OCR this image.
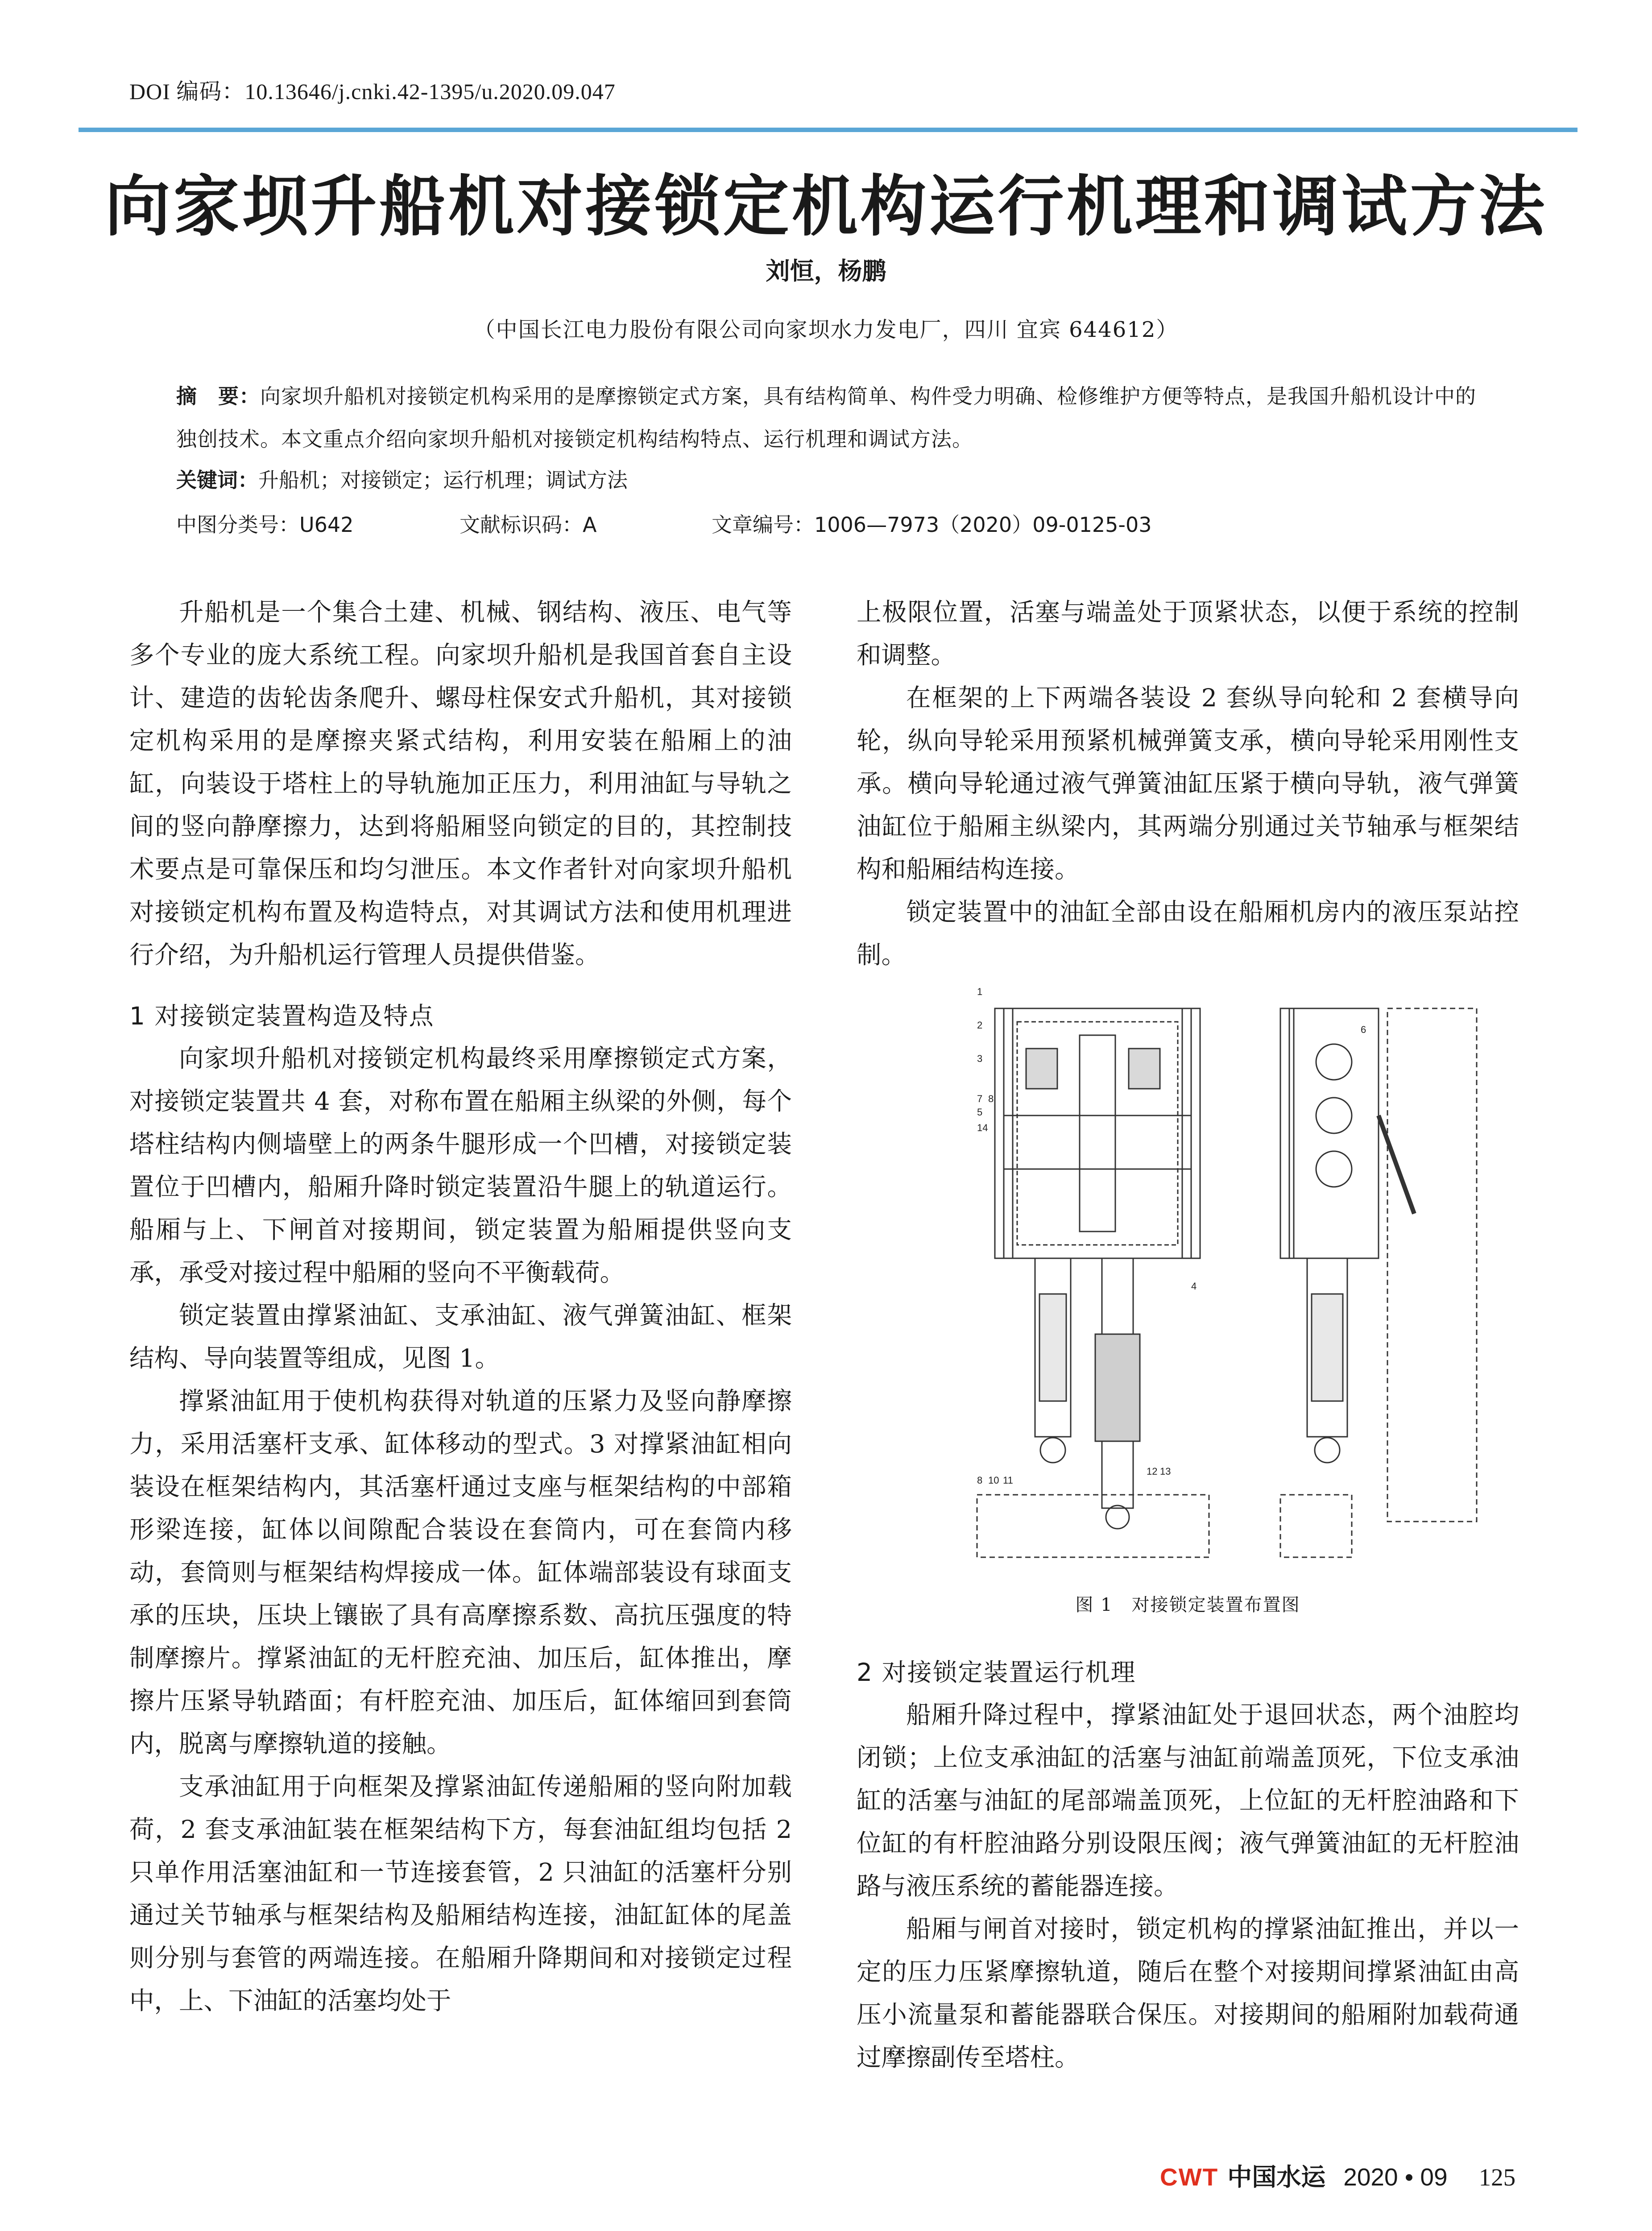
DOI 编码：10.13646/j.cnki.42-1395/u.2020.09.047
向家坝升船机对接锁定机构运行机理和调试方法
刘恒，杨鹏
（中国长江电力股份有限公司向家坝水力发电厂，四川 宜宾 644612）
摘　要：向家坝升船机对接锁定机构采用的是摩擦锁定式方案，具有结构简单、构件受力明确、检修维护方便等特点，是我国升船机设计中的独创技术。本文重点介绍向家坝升船机对接锁定机构结构特点、运行机理和调试方法。
关键词：升船机；对接锁定；运行机理；调试方法
中图分类号：U642	文献标识码：A	文章编号：1006—7973（2020）09-0125-03

升船机是一个集合土建、机械、钢结构、液压、电气等多个专业的庞大系统工程。向家坝升船机是我国首套自主设计、建造的齿轮齿条爬升、螺母柱保安式升船机，其对接锁定机构采用的是摩擦夹紧式结构，利用安装在船厢上的油缸，向装设于塔柱上的导轨施加正压力，利用油缸与导轨之间的竖向静摩擦力，达到将船厢竖向锁定的目的，其控制技术要点是可靠保压和均匀泄压。本文作者针对向家坝升船机对接锁定机构布置及构造特点，对其调试方法和使用机理进行介绍，为升船机运行管理人员提供借鉴。

1 对接锁定装置构造及特点

向家坝升船机对接锁定机构最终采用摩擦锁定式方案，对接锁定装置共 4 套，对称布置在船厢主纵梁的外侧，每个塔柱结构内侧墙壁上的两条牛腿形成一个凹槽，对接锁定装置位于凹槽内，船厢升降时锁定装置沿牛腿上的轨道运行。船厢与上、下闸首对接期间，锁定装置为船厢提供竖向支承，承受对接过程中船厢的竖向不平衡载荷。

锁定装置由撑紧油缸、支承油缸、液气弹簧油缸、框架结构、导向装置等组成，见图 1。

撑紧油缸用于使机构获得对轨道的压紧力及竖向静摩擦力，采用活塞杆支承、缸体移动的型式。3 对撑紧油缸相向装设在框架结构内，其活塞杆通过支座与框架结构的中部箱形梁连接，缸体以间隙配合装设在套筒内，可在套筒内移动，套筒则与框架结构焊接成一体。缸体端部装设有球面支承的压块，压块上镶嵌了具有高摩擦系数、高抗压强度的特制摩擦片。撑紧油缸的无杆腔充油、加压后，缸体推出，摩擦片压紧导轨踏面；有杆腔充油、加压后，缸体缩回到套筒内，脱离与摩擦轨道的接触。

支承油缸用于向框架及撑紧油缸传递船厢的竖向附加载荷，2 套支承油缸装在框架结构下方，每套油缸组均包括 2 只单作用活塞油缸和一节连接套管，2 只油缸的活塞杆分别通过关节轴承与框架结构及船厢结构连接，油缸缸体的尾盖则分别与套管的两端连接。在船厢升降期间和对接锁定过程中，上、下油缸的活塞均处于

上极限位置，活塞与端盖处于顶紧状态，以便于系统的控制和调整。

在框架的上下两端各装设 2 套纵导向轮和 2 套横导向轮，纵向导轮采用预紧机械弹簧支承，横向导轮采用刚性支承。横向导轮通过液气弹簧油缸压紧于横向导轨，液气弹簧油缸位于船厢主纵梁内，其两端分别通过关节轴承与框架结构和船厢结构连接。

锁定装置中的油缸全部由设在船厢机房内的液压泵站控制。

1
2
3
7 8
5
14
6
4
8 10 11
12 13
图 1　对接锁定装置布置图

2 对接锁定装置运行机理

船厢升降过程中，撑紧油缸处于退回状态，两个油腔均闭锁；上位支承油缸的活塞与油缸前端盖顶死，下位支承油缸的活塞与油缸的尾部端盖顶死，上位缸的无杆腔油路和下位缸的有杆腔油路分别设限压阀；液气弹簧油缸的无杆腔油路与液压系统的蓄能器连接。

船厢与闸首对接时，锁定机构的撑紧油缸推出，并以一定的压力压紧摩擦轨道，随后在整个对接期间撑紧油缸由高压小流量泵和蓄能器联合保压。对接期间的船厢附加载荷通过摩擦副传至塔柱。

CWT 中国水运 2020 • 09 125
